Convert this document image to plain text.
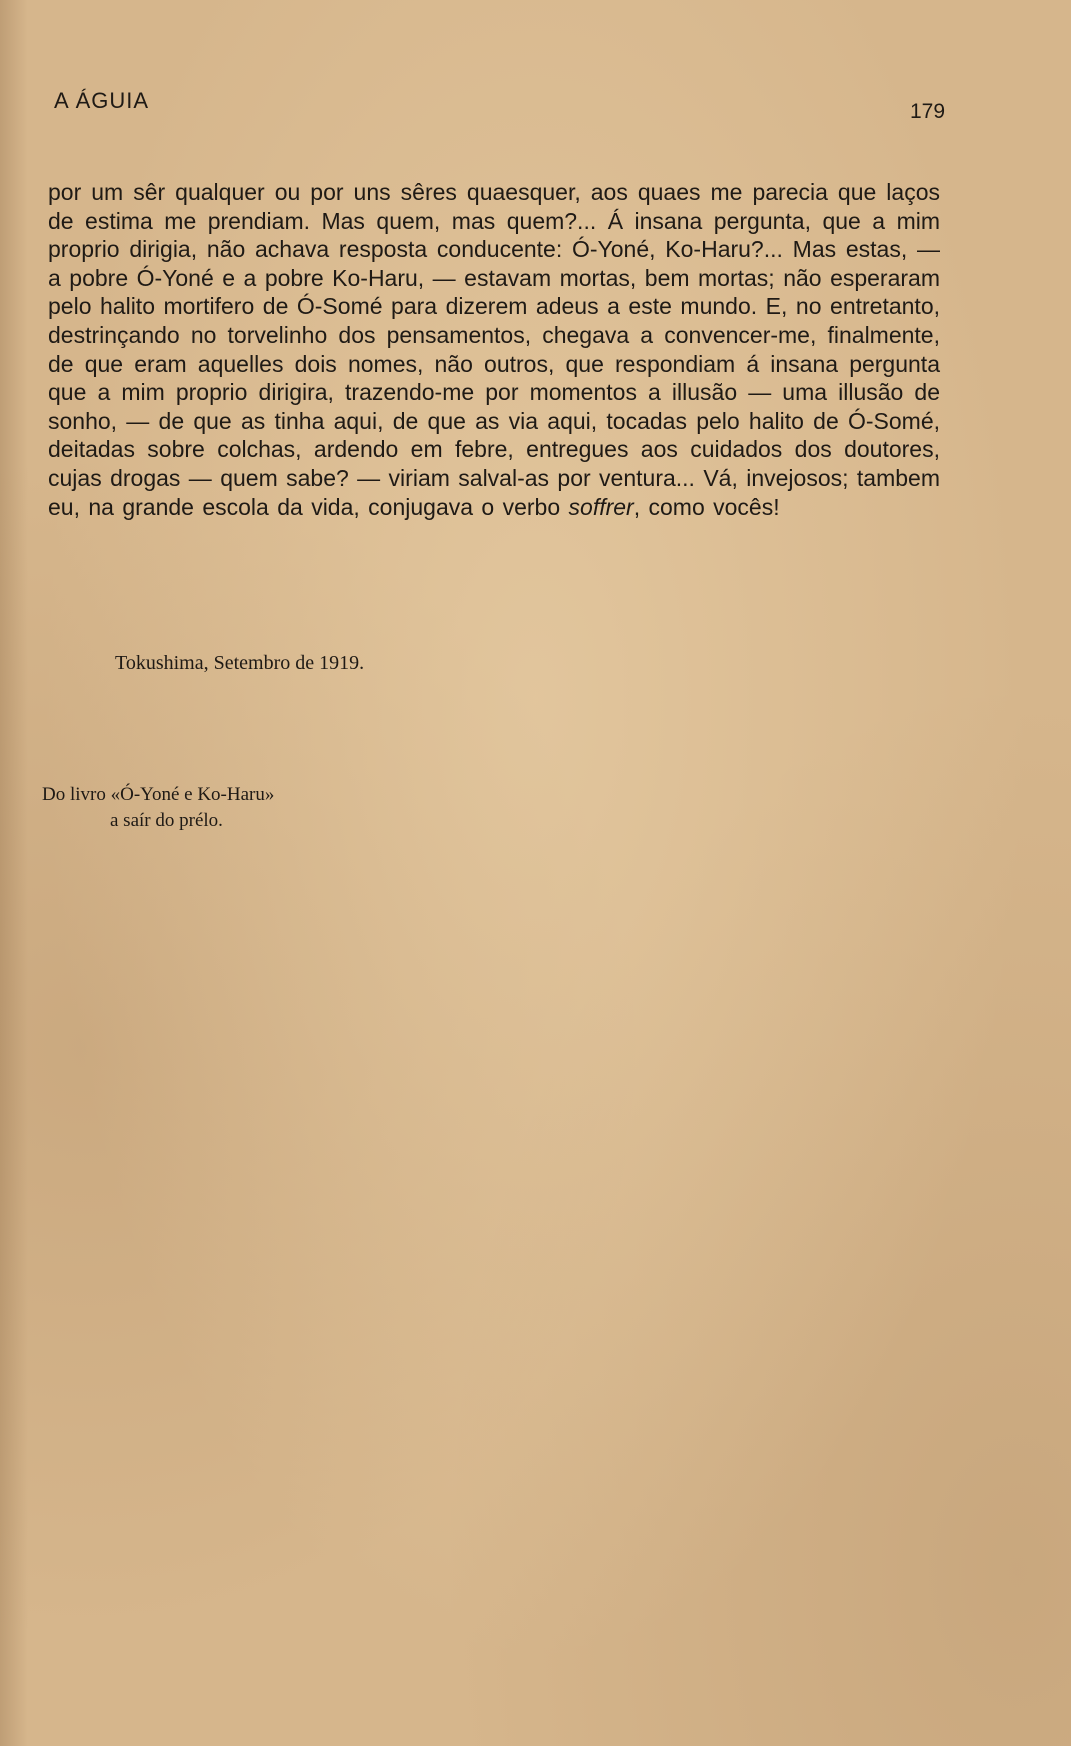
A ÁGUIA	179

por um sêr qualquer ou por uns sêres quaesquer, aos quaes me parecia que laços de estima me prendiam. Mas quem, mas quem?... Á insana pergunta, que a mim proprio dirigia, não achava resposta conducente: Ó-Yoné, Ko-Haru?... Mas estas, — a pobre Ó-Yoné e a pobre Ko-Haru, — estavam mortas, bem mortas; não esperaram pelo halito mortifero de Ó-Somé para dizerem adeus a este mundo. E, no entretanto, destrinçando no torvelinho dos pensamentos, chegava a convencer-me, finalmente, de que eram aquelles dois nomes, não outros, que respondiam á insana pergunta que a mim proprio dirigira, trazendo-me por momentos a illusão — uma illusão de sonho, — de que as tinha aqui, de que as via aqui, tocadas pelo halito de Ó-Somé, deitadas sobre colchas, ardendo em febre, entregues aos cuidados dos doutores, cujas drogas — quem sabe? — viriam salval-as por ventura... Vá, invejosos; tambem eu, na grande escola da vida, conjugava o verbo soffrer, como vocês!

Tokushima, Setembro de 1919.
Do livro «Ó-Yoné e Ko-Haru»
a saír do prélo.
